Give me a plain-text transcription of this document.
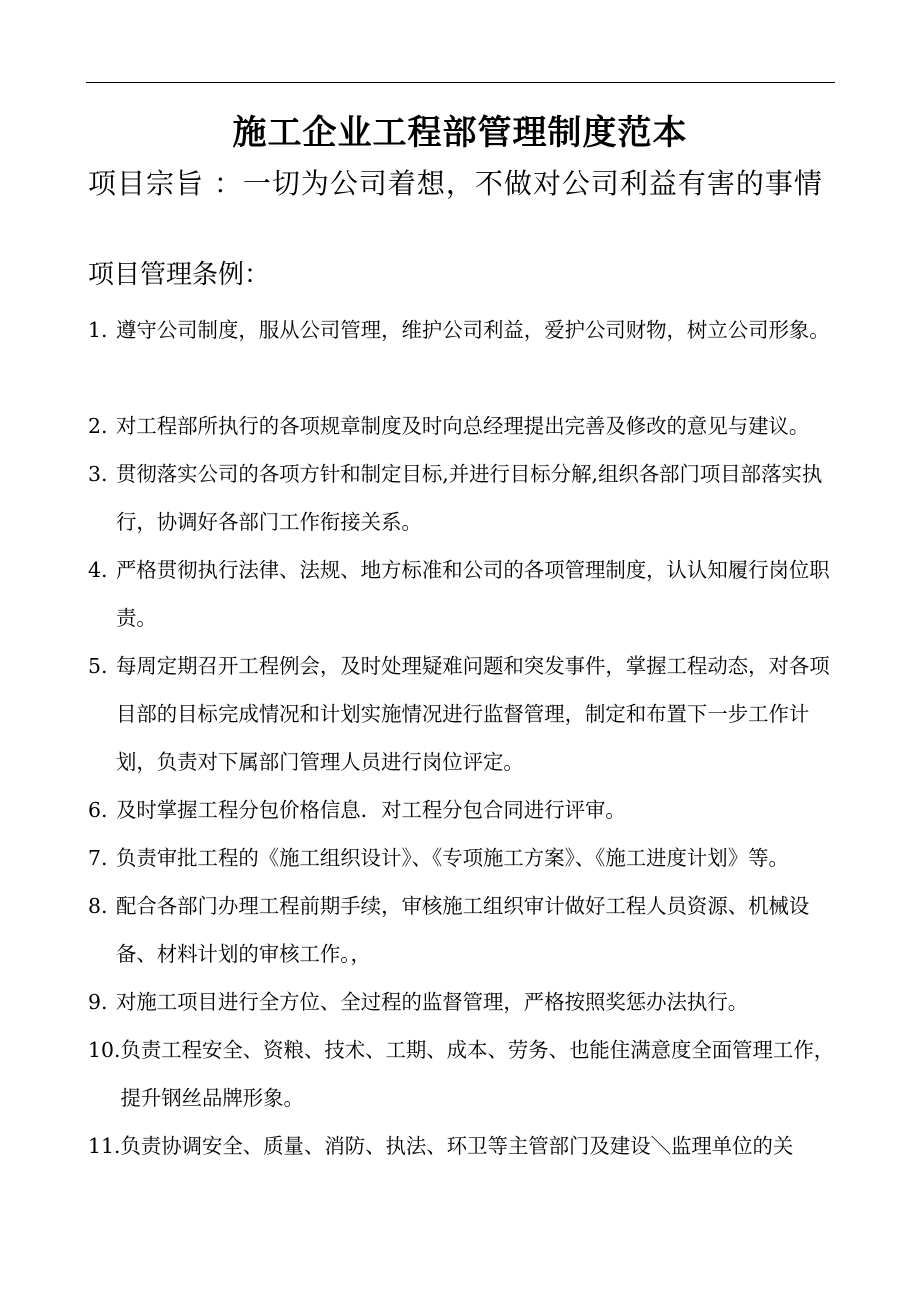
施工企业工程部管理制度范本
项目宗旨 ：一切为公司着想，不做对公司利益有害的事情
项目管理条例：
1. 遵守公司制度，服从公司管理，维护公司利益，爱护公司财物，树立公司形象。
2. 对工程部所执行的各项规章制度及时向总经理提出完善及修改的意见与建议。
3. 贯彻落实公司的各项方针和制定目标,并进行目标分解,组织各部门项目部落实执行，协调好各部门工作衔接关系。
4. 严格贯彻执行法律、法规、地方标准和公司的各项管理制度，认认知履行岗位职责。
5. 每周定期召开工程例会，及时处理疑难问题和突发事件，掌握工程动态，对各项目部的目标完成情况和计划实施情况进行监督管理，制定和布置下一步工作计划，负责对下属部门管理人员进行岗位评定。
6. 及时掌握工程分包价格信息．对工程分包合同进行评审。
7. 负责审批工程的《施工组织设计》、《专项施工方案》、《施工进度计划》等。
8. 配合各部门办理工程前期手续，审核施工组织审计做好工程人员资源、机械设备、材料计划的审核工作。，
9. 对施工项目进行全方位、全过程的监督管理，严格按照奖惩办法执行。
10. 负责工程安全、资粮、技术、工期、成本、劳务、也能住满意度全面管理工作，提升钢丝品牌形象。
11. 负责协调安全、质量、消防、执法、环卫等主管部门及建设＼监理单位的关
